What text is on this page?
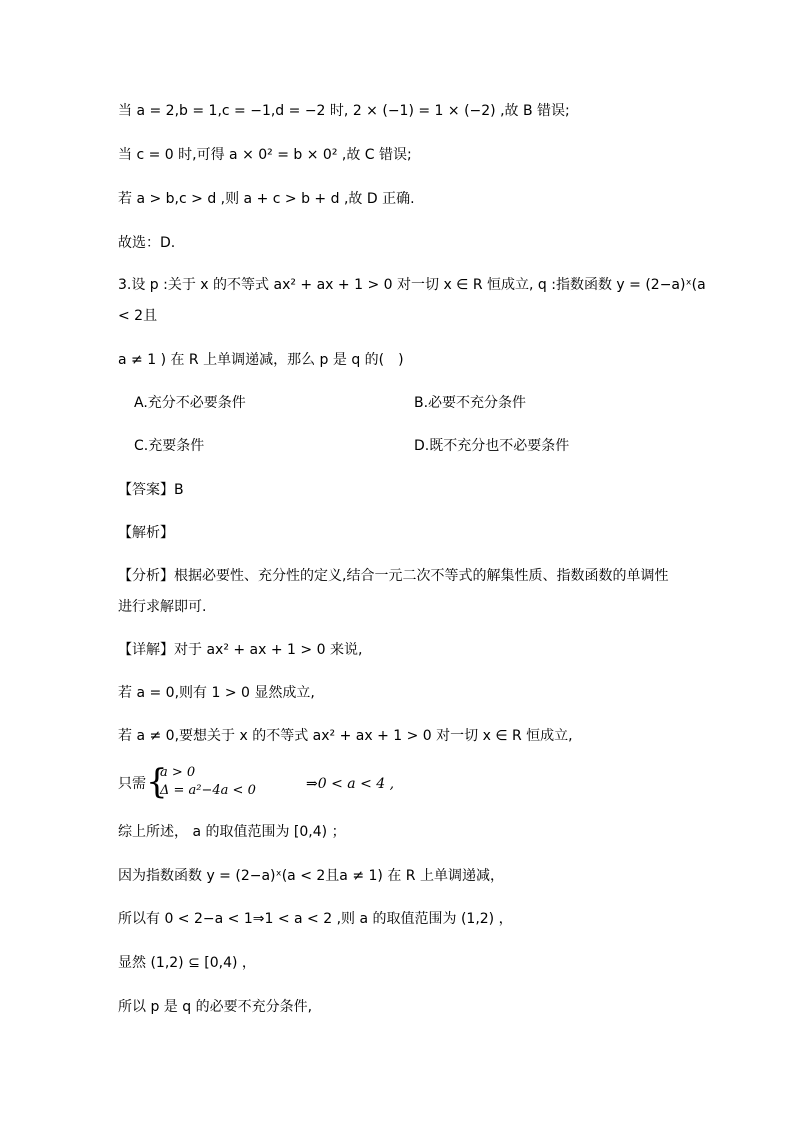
当 a = 2,b = 1,c = −1,d = −2 时, 2 × (−1) = 1 × (−2) ,故 B 错误;
当 c = 0 时,可得 a × 0² = b × 0² ,故 C 错误;
若 a > b,c > d ,则 a + c > b + d ,故 D 正确.
故选：D.
3.设 p :关于 x 的不等式 ax² + ax + 1 > 0 对一切 x ∈ R 恒成立, q :指数函数 y = (2−a)ˣ(a
< 2且
a ≠ 1 ) 在 R 上单调递减，那么 p 是 q 的(　)
A.充分不必要条件	B.必要不充分条件
C.充要条件	D.既不充分也不必要条件
【答案】B
【解析】
【分析】根据必要性、充分性的定义,结合一元二次不等式的解集性质、指数函数的单调性
进行求解即可.
【详解】对于 ax² + ax + 1 > 0 来说,
若 a = 0,则有 1 > 0 显然成立,
若 a ≠ 0,要想关于 x 的不等式 ax² + ax + 1 > 0 对一切 x ∈ R 恒成立,
只需 {
a > 0
Δ = a²−4a < 0	⇒0 < a < 4 ,
综上所述， a 的取值范围为 [0,4) ；
因为指数函数 y = (2−a)ˣ(a < 2且a ≠ 1) 在 R 上单调递减，
所以有 0 < 2−a < 1⇒1 < a < 2 ,则 a 的取值范围为 (1,2) ，
显然 (1,2) ⊆ [0,4) ，
所以 p 是 q 的必要不充分条件,
